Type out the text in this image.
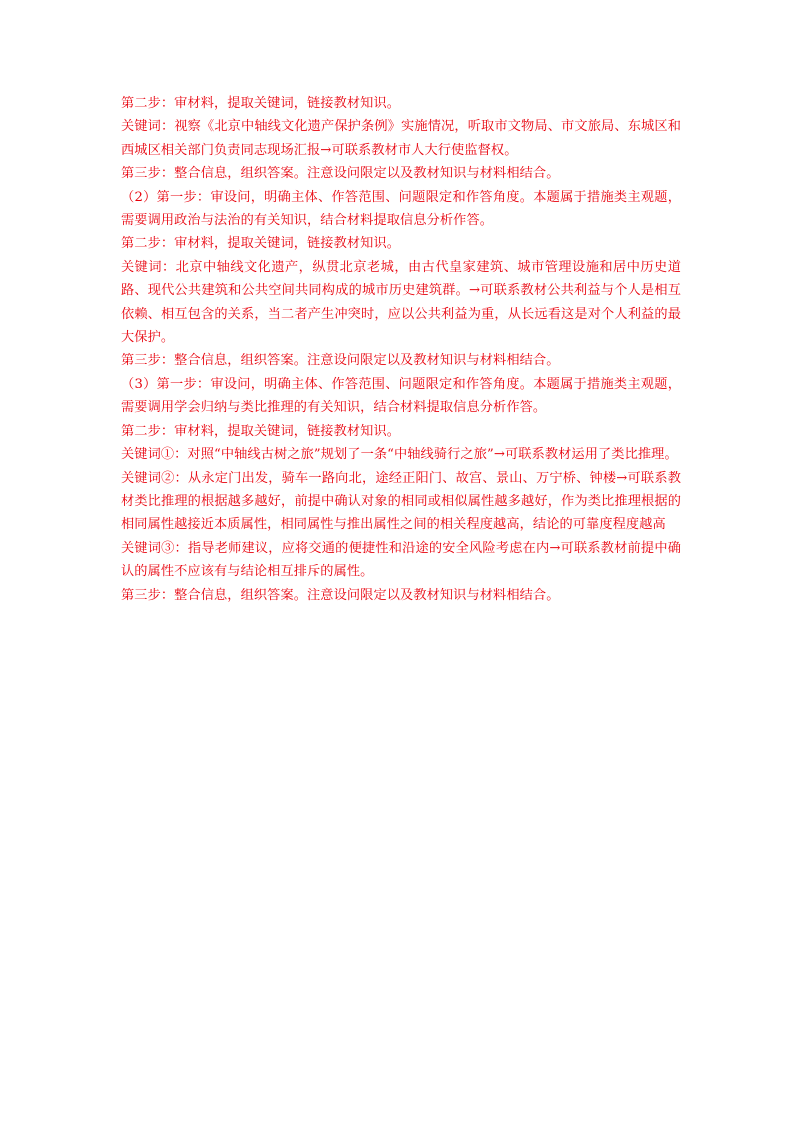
第二步：审材料，提取关键词，链接教材知识。

关键词：视察《北京中轴线文化遗产保护条例》实施情况，听取市文物局、市文旅局、东城区和西城区相关部门负责同志现场汇报→可联系教材市人大行使监督权。

第三步：整合信息，组织答案。注意设问限定以及教材知识与材料相结合。

（2）第一步：审设问，明确主体、作答范围、问题限定和作答角度。本题属于措施类主观题，需要调用政治与法治的有关知识，结合材料提取信息分析作答。

第二步：审材料，提取关键词，链接教材知识。

关键词：北京中轴线文化遗产，纵贯北京老城，由古代皇家建筑、城市管理设施和居中历史道路、现代公共建筑和公共空间共同构成的城市历史建筑群。→可联系教材公共利益与个人是相互依赖、相互包含的关系，当二者产生冲突时，应以公共利益为重，从长远看这是对个人利益的最大保护。

第三步：整合信息，组织答案。注意设问限定以及教材知识与材料相结合。

（3）第一步：审设问，明确主体、作答范围、问题限定和作答角度。本题属于措施类主观题，需要调用学会归纳与类比推理的有关知识，结合材料提取信息分析作答。

第二步：审材料，提取关键词，链接教材知识。

关键词①：对照“中轴线古树之旅”规划了一条“中轴线骑行之旅”→可联系教材运用了类比推理。

关键词②：从永定门出发，骑车一路向北，途经正阳门、故宫、景山、万宁桥、钟楼→可联系教材类比推理的根据越多越好，前提中确认对象的相同或相似属性越多越好，作为类比推理根据的相同属性越接近本质属性，相同属性与推出属性之间的相关程度越高，结论的可靠度程度越高

关键词③：指导老师建议，应将交通的便捷性和沿途的安全风险考虑在内→可联系教材前提中确认的属性不应该有与结论相互排斥的属性。

第三步：整合信息，组织答案。注意设问限定以及教材知识与材料相结合。
